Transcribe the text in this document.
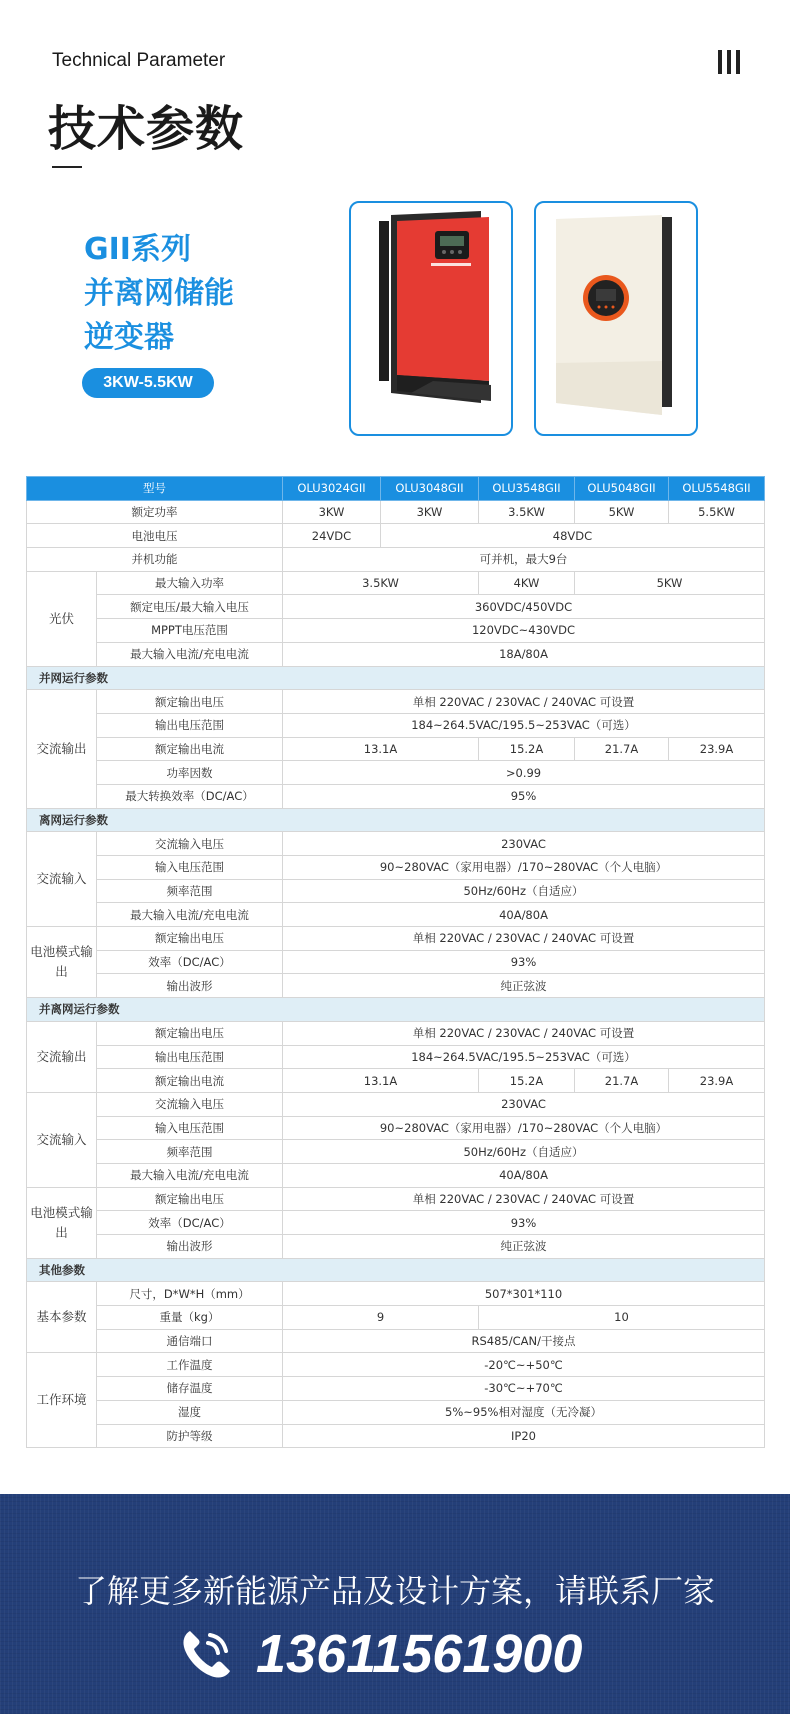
Technical Parameter
技术参数
GII系列
并离网储能
逆变器
3KW-5.5KW
型号		OLU3024GII	OLU3048GII	OLU3548GII	OLU5048GII	OLU5548GII
额定功率		3KW	3KW	3.5KW	5KW	5.5KW
电池电压		24VDC	48VDC			
并机功能		可并机，最大9台				
光伏	最大输入功率	3.5KW		4KW	5KW	
	额定电压/最大输入电压	360VDC/450VDC				
	MPPT电压范围	120VDC~430VDC				
	最大输入电流/充电电流	18A/80A				
并网运行参数						
交流输出	额定输出电压	单相 220VAC / 230VAC / 240VAC 可设置				
	输出电压范围	184~264.5VAC/195.5~253VAC（可选）				
	额定输出电流	13.1A		15.2A	21.7A	23.9A
	功率因数	>0.99				
	最大转换效率（DC/AC）	95%				
离网运行参数						
交流输入	交流输入电压	230VAC				
	输入电压范围	90~280VAC（家用电器）/170~280VAC（个人电脑）				
	频率范围	50Hz/60Hz（自适应）				
	最大输入电流/充电电流	40A/80A				
电池模式输出	额定输出电压	单相 220VAC / 230VAC / 240VAC 可设置				
	效率（DC/AC）	93%				
	输出波形	纯正弦波				
并离网运行参数						
交流输出	额定输出电压	单相 220VAC / 230VAC / 240VAC 可设置				
	输出电压范围	184~264.5VAC/195.5~253VAC（可选）				
	额定输出电流	13.1A		15.2A	21.7A	23.9A
交流输入	交流输入电压	230VAC				
	输入电压范围	90~280VAC（家用电器）/170~280VAC（个人电脑）				
	频率范围	50Hz/60Hz（自适应）				
	最大输入电流/充电电流	40A/80A				
电池模式输出	额定输出电压	单相 220VAC / 230VAC / 240VAC 可设置				
	效率（DC/AC）	93%				
	输出波形	纯正弦波				
其他参数						
基本参数	尺寸，D*W*H（mm）	507*301*110				
	重量（kg）	9		10		
	通信端口	RS485/CAN/干接点				
工作环境	工作温度	-20℃~+50℃				
	储存温度	-30℃~+70℃				
	湿度	5%~95%相对湿度（无冷凝）				
	防护等级	IP20				
了解更多新能源产品及设计方案，请联系厂家
13611561900
